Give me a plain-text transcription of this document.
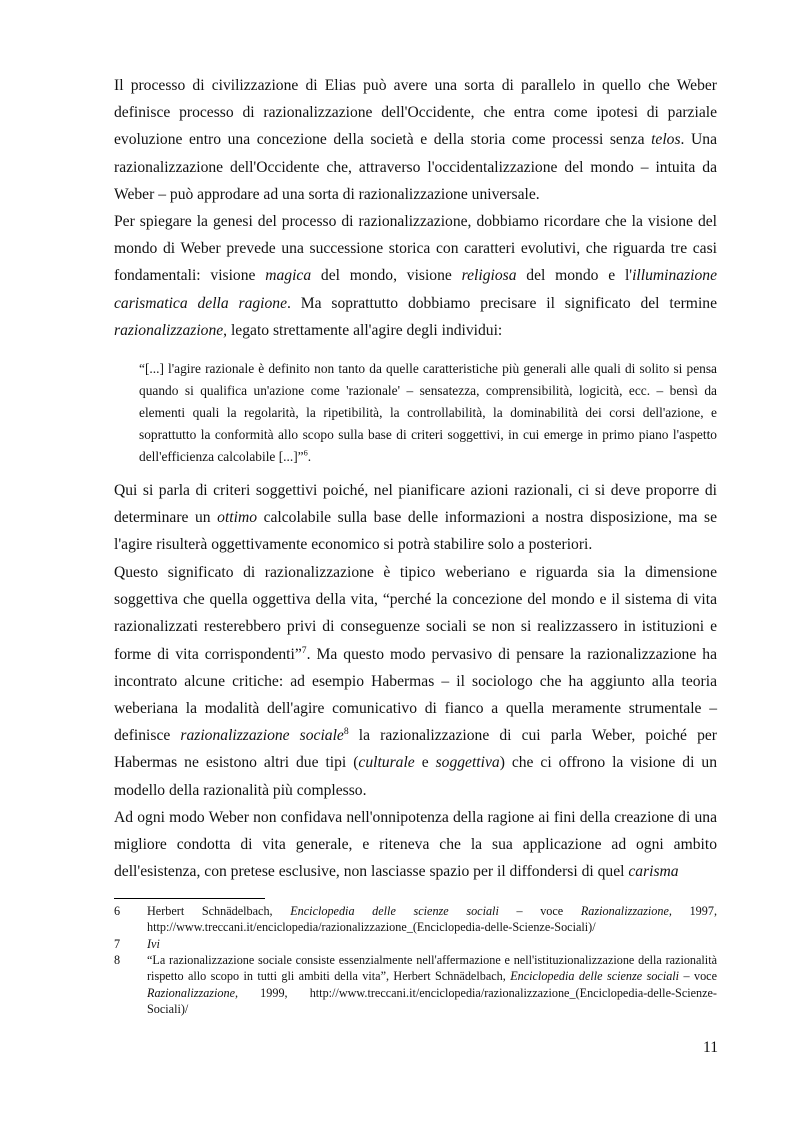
Il processo di civilizzazione di Elias può avere una sorta di parallelo in quello che Weber definisce processo di razionalizzazione dell'Occidente, che entra come ipotesi di parziale evoluzione entro una concezione della società e della storia come processi senza telos. Una razionalizzazione dell'Occidente che, attraverso l'occidentalizzazione del mondo – intuita da Weber – può approdare ad una sorta di razionalizzazione universale.

Per spiegare la genesi del processo di razionalizzazione, dobbiamo ricordare che la visione del mondo di Weber prevede una successione storica con caratteri evolutivi, che riguarda tre casi fondamentali: visione magica del mondo, visione religiosa del mondo e l'illuminazione carismatica della ragione. Ma soprattutto dobbiamo precisare il significato del termine razionalizzazione, legato strettamente all'agire degli individui:

“[...] l'agire razionale è definito non tanto da quelle caratteristiche più generali alle quali di solito si pensa quando si qualifica un'azione come 'razionale' – sensatezza, comprensibilità, logicità, ecc. – bensì da elementi quali la regolarità, la ripetibilità, la controllabilità, la dominabilità dei corsi dell'azione, e soprattutto la conformità allo scopo sulla base di criteri soggettivi, in cui emerge in primo piano l'aspetto dell'efficienza calcolabile [...]”$^6$.

Qui si parla di criteri soggettivi poiché, nel pianificare azioni razionali, ci si deve proporre di determinare un ottimo calcolabile sulla base delle informazioni a nostra disposizione, ma se l'agire risulterà oggettivamente economico si potrà stabilire solo a posteriori.

Questo significato di razionalizzazione è tipico weberiano e riguarda sia la dimensione soggettiva che quella oggettiva della vita, “perché la concezione del mondo e il sistema di vita razionalizzati resterebbero privi di conseguenze sociali se non si realizzassero in istituzioni e forme di vita corrispondenti”$^7$. Ma questo modo pervasivo di pensare la razionalizzazione ha incontrato alcune critiche: ad esempio Habermas – il sociologo che ha aggiunto alla teoria weberiana la modalità dell'agire comunicativo di fianco a quella meramente strumentale – definisce razionalizzazione sociale$^8$ la razionalizzazione di cui parla Weber, poiché per Habermas ne esistono altri due tipi (culturale e soggettiva) che ci offrono la visione di un modello della razionalità più complesso.

Ad ogni modo Weber non confidava nell'onnipotenza della ragione ai fini della creazione di una migliore condotta di vita generale, e riteneva che la sua applicazione ad ogni ambito dell'esistenza, con pretese esclusive, non lasciasse spazio per il diffondersi di quel carisma

6	Herbert Schnädelbach, Enciclopedia delle scienze sociali – voce Razionalizzazione, 1997, http://www.treccani.it/enciclopedia/razionalizzazione_(Enciclopedia-delle-Scienze-Sociali)/
7	Ivi
8	“La razionalizzazione sociale consiste essenzialmente nell'affermazione e nell'istituzionalizzazione della razionalità rispetto allo scopo in tutti gli ambiti della vita”, Herbert Schnädelbach, Enciclopedia delle scienze sociali – voce Razionalizzazione, 1999, http://www.treccani.it/enciclopedia/razionalizzazione_(Enciclopedia-delle-Scienze-Sociali)/
11
